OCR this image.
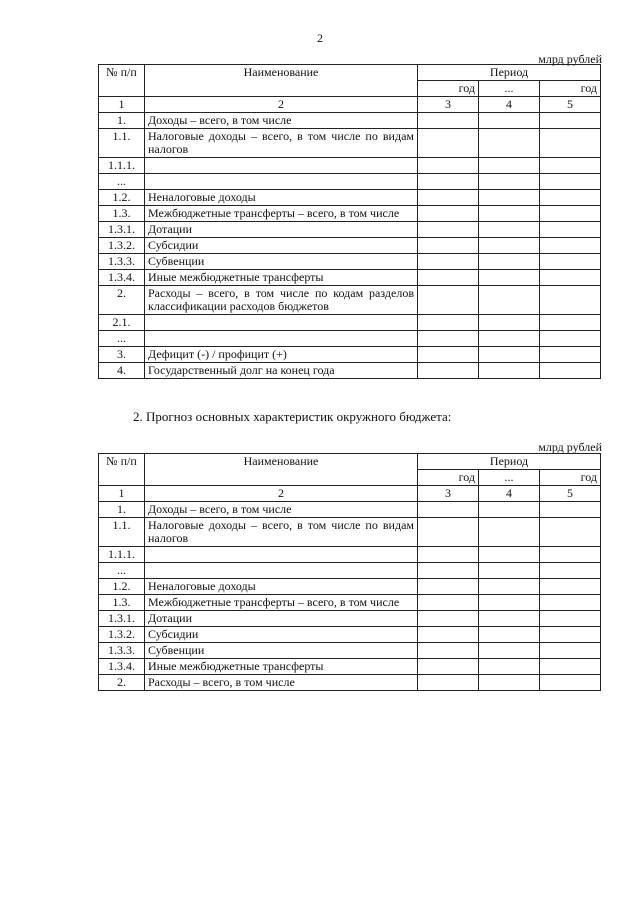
2
млрд рублей
№ п/п	Наименование	Период		
		год	...	год
1	2	3	4	5
1.	Доходы – всего, в том числе			
1.1.	Налоговые доходы – всего, в том числе по видам налогов			
1.1.1.				
...				
1.2.	Неналоговые доходы			
1.3.	Межбюджетные трансферты – всего, в том числе			
1.3.1.	Дотации			
1.3.2.	Субсидии			
1.3.3.	Субвенции			
1.3.4.	Иные межбюджетные трансферты			
2.	Расходы – всего, в том числе по кодам разделов классификации расходов бюджетов			
2.1.				
...				
3.	Дефицит (-) / профицит (+)			
4.	Государственный долг на конец года			
2. Прогноз основных характеристик окружного бюджета:
млрд рублей
№ п/п	Наименование	Период		
		год	...	год
1	2	3	4	5
1.	Доходы – всего, в том числе			
1.1.	Налоговые доходы – всего, в том числе по видам налогов			
1.1.1.				
...				
1.2.	Неналоговые доходы			
1.3.	Межбюджетные трансферты – всего, в том числе			
1.3.1.	Дотации			
1.3.2.	Субсидии			
1.3.3.	Субвенции			
1.3.4.	Иные межбюджетные трансферты			
2.	Расходы – всего, в том числе			
